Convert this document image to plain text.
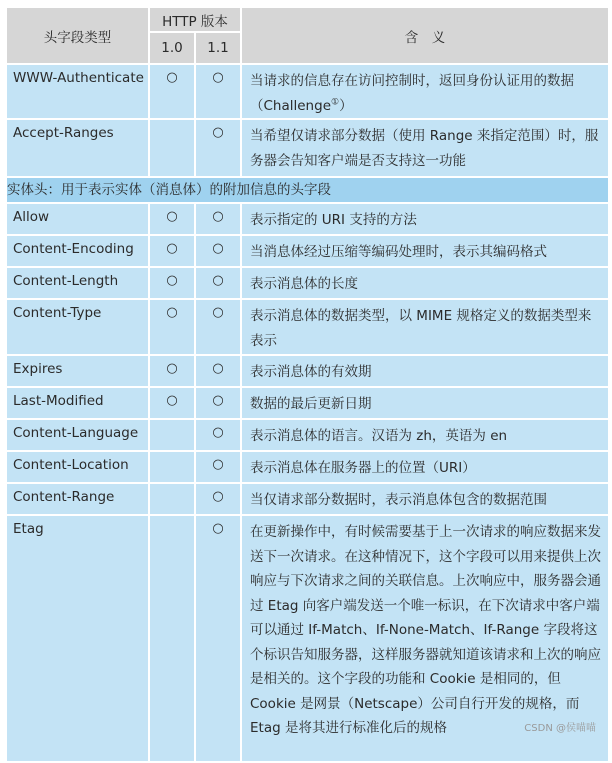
头字段类型	HTTP 版本		含　义
	1.0	1.1	
WWW-Authenticate	○	○	当请求的信息存在访问控制时，返回身份认证用的数据（Challenge①）
Accept-Ranges		○	当希望仅请求部分数据（使用 Range 来指定范围）时，服务器会告知客户端是否支持这一功能
实体头：用于表示实体（消息体）的附加信息的头字段			
Allow	○	○	表示指定的 URI 支持的方法
Content-Encoding	○	○	当消息体经过压缩等编码处理时，表示其编码格式
Content-Length	○	○	表示消息体的长度
Content-Type	○	○	表示消息体的数据类型，以 MIME 规格定义的数据类型来表示
Expires	○	○	表示消息体的有效期
Last-Modified	○	○	数据的最后更新日期
Content-Language		○	表示消息体的语言。汉语为 zh，英语为 en
Content-Location		○	表示消息体在服务器上的位置（URI）
Content-Range		○	当仅请求部分数据时，表示消息体包含的数据范围
Etag		○	在更新操作中，有时候需要基于上一次请求的响应数据来发送下一次请求。在这种情况下，这个字段可以用来提供上次响应与下次请求之间的关联信息。上次响应中，服务器会通过 Etag 向客户端发送一个唯一标识，在下次请求中客户端可以通过 If-Match、If-None-Match、If-Range 字段将这个标识告知服务器，这样服务器就知道该请求和上次的响应是相关的。这个字段的功能和 Cookie 是相同的，但 Cookie 是网景（Netscape）公司自行开发的规格，而 Etag 是将其进行标准化后的规格	CSDN @侯喵喵
